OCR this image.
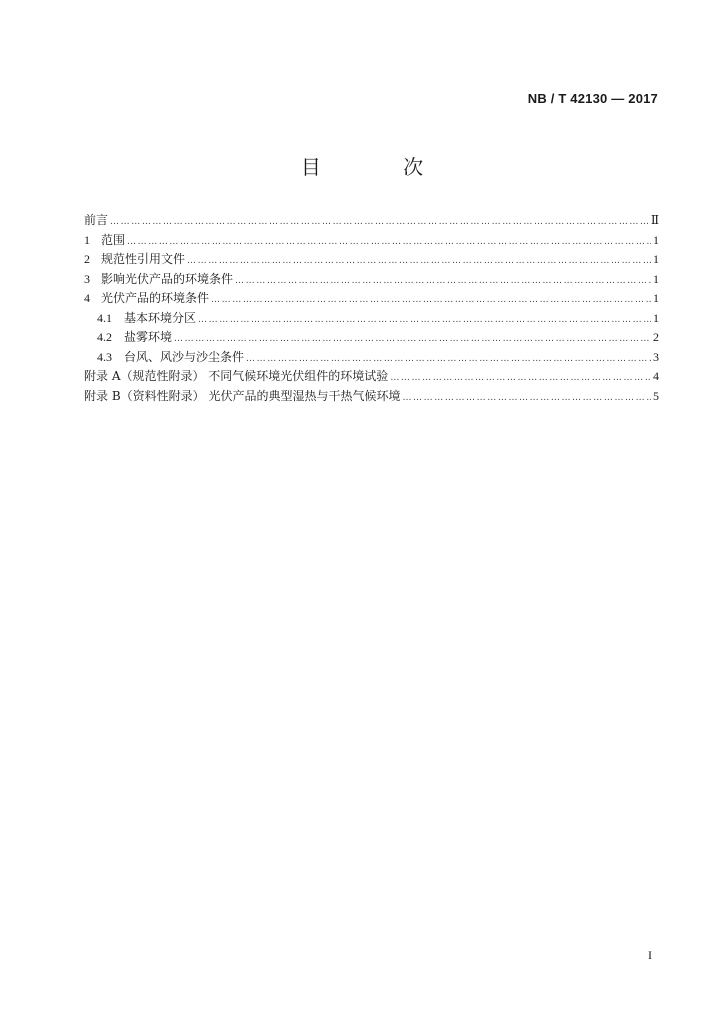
NB / T 42130 — 2017
目 次
前言 ……………………………………………………………………………………………………………………………………………………………………………………………………………………………………	Ⅱ
1 范围 ……………………………………………………………………………………………………………………………………………………………………………………………………………………………………	1
2 规范性引用文件 ……………………………………………………………………………………………………………………………………………………………………………………………………………………………………	1
3 影响光伏产品的环境条件 ……………………………………………………………………………………………………………………………………………………………………………………………………………………………………	1
4 光伏产品的环境条件 ……………………………………………………………………………………………………………………………………………………………………………………………………………………………………	1
4.1	基本环境分区 ……………………………………………………………………………………………………………………………………………………………………………………………………………………………………	1
4.2	盐雾环境 ……………………………………………………………………………………………………………………………………………………………………………………………………………………………………	2
4.3	台风、风沙与沙尘条件 ……………………………………………………………………………………………………………………………………………………………………………………………………………………………………	3
附录 A（规范性附录） 不同气候环境光伏组件的环境试验 ……………………………………………………………………………………………………………………………………………………………………………………………………………………………………	4
附录 B（资料性附录） 光伏产品的典型湿热与干热气候环境 ……………………………………………………………………………………………………………………………………………………………………………………………………………………………………	5
I
